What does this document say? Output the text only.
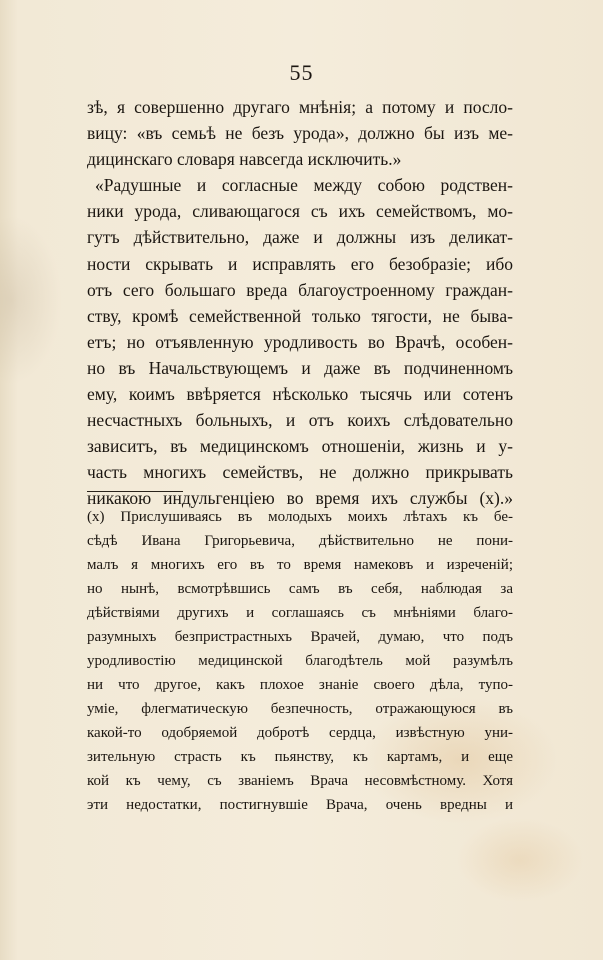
55
зѣ, я совершенно другаго мнѣнія; а потому и посло-
вицу: «въ семьѣ не безъ урода», должно бы изъ ме-
дицинскаго словаря навсегда исключить.»
«Радушные и согласные между собою родствен-
ники урода, сливающагося съ ихъ семействомъ, мо-
гутъ дѣйствительно, даже и должны изъ деликат-
ности скрывать и исправлять его безобразіе; ибо
отъ сего большаго вреда благоустроенному граждан-
ству, кромѣ семейственной только тягости, не бывa-
етъ; но отъявленную уродливость во Врачѣ, особен-
но въ Начальствующемъ и даже въ подчиненномъ
ему, коимъ ввѣряется нѣсколько тысячь или сотенъ
несчастныхъ больныхъ, и отъ коихъ слѣдовательно
зависитъ, въ медицинскомъ отношеніи, жизнь и у-
часть многихъ семействъ, не должно прикрывать
никакою индульгенціею во время ихъ службы (х).»
(х) Прислушиваясь въ молодыхъ моихъ лѣтахъ къ бе-
сѣдѣ Ивана Григорьевича, дѣйствительно не пони-
малъ я многихъ его въ то время намековъ и изреченій;
но нынѣ, всмотрѣвшись самъ въ себя, наблюдая за
дѣйствіями другихъ и соглашаясь съ мнѣніями благо-
разумныхъ безпристрастныхъ Врачей, думаю, что подъ
уродливостію медицинской благодѣтель мой разумѣлъ
ни что другое, какъ плохое знаніе своего дѣла, тупо-
уміе, флегматическую безпечность, отражающуюся въ
какой-то одобряемой добротѣ сердца, извѣстную уни-
зительную страсть къ пьянству, къ картамъ, и еще
кой къ чему, съ званіемъ Врача несовмѣстному. Хотя
эти недостатки, постигнувшіе Врача, очень вредны и
